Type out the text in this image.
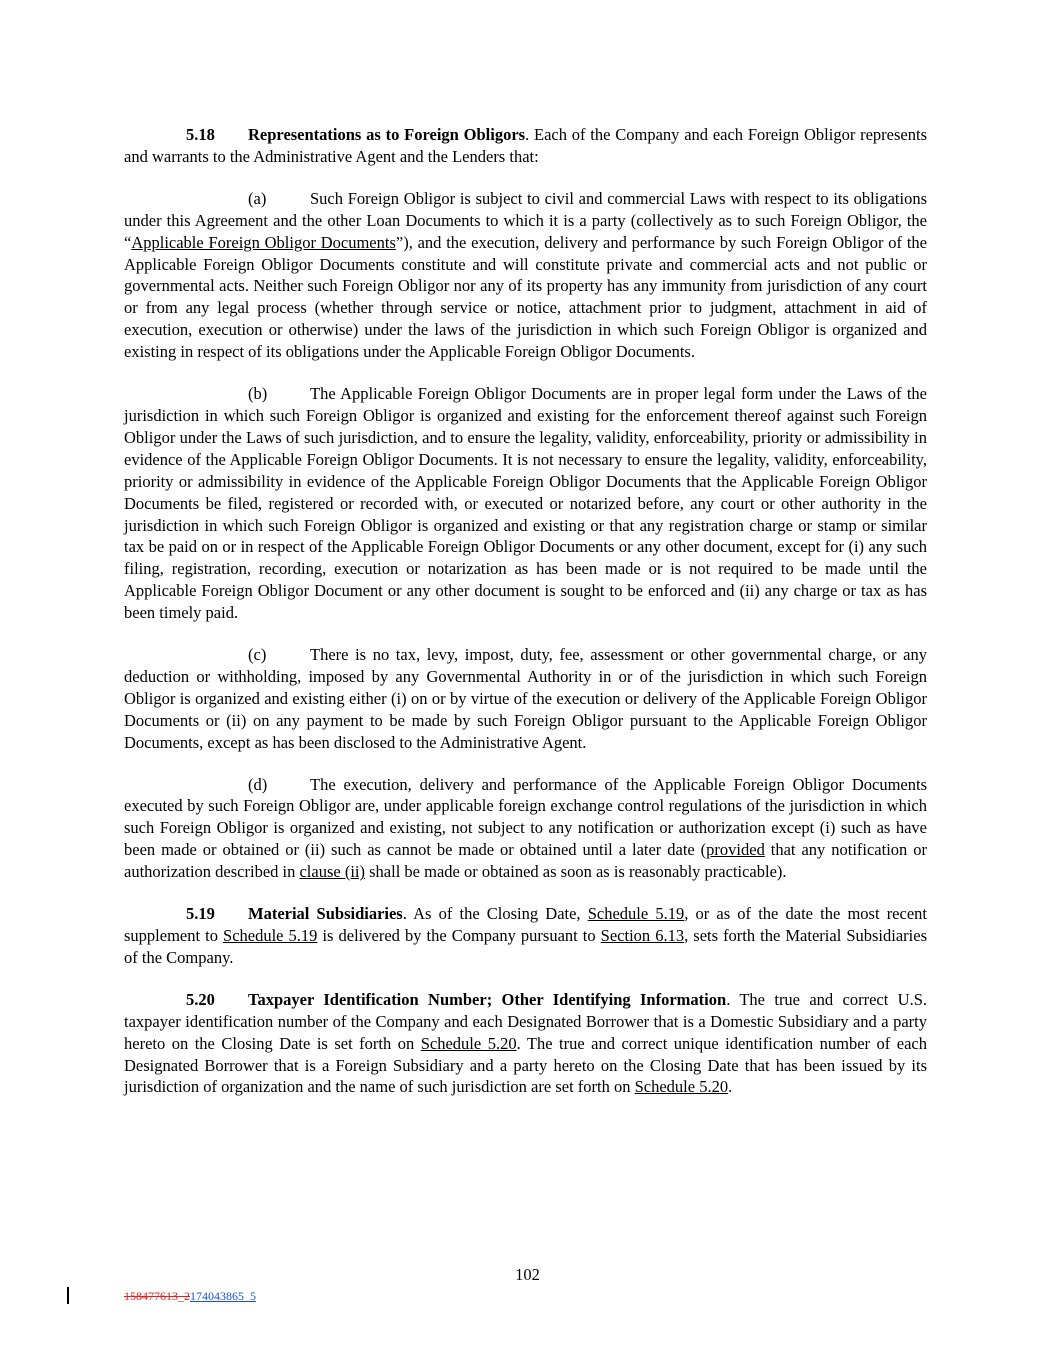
5.18 Representations as to Foreign Obligors. Each of the Company and each Foreign Obligor represents and warrants to the Administrative Agent and the Lenders that:

(a)	Such Foreign Obligor is subject to civil and commercial Laws with respect to its obligations under this Agreement and the other Loan Documents to which it is a party (collectively as to such Foreign Obligor, the “Applicable Foreign Obligor Documents”), and the execution, delivery and performance by such Foreign Obligor of the Applicable Foreign Obligor Documents constitute and will constitute private and commercial acts and not public or governmental acts. Neither such Foreign Obligor nor any of its property has any immunity from jurisdiction of any court or from any legal process (whether through service or notice, attachment prior to judgment, attachment in aid of execution, execution or otherwise) under the laws of the jurisdiction in which such Foreign Obligor is organized and existing in respect of its obligations under the Applicable Foreign Obligor Documents.

(b)	The Applicable Foreign Obligor Documents are in proper legal form under the Laws of the jurisdiction in which such Foreign Obligor is organized and existing for the enforcement thereof against such Foreign Obligor under the Laws of such jurisdiction, and to ensure the legality, validity, enforceability, priority or admissibility in evidence of the Applicable Foreign Obligor Documents. It is not necessary to ensure the legality, validity, enforceability, priority or admissibility in evidence of the Applicable Foreign Obligor Documents that the Applicable Foreign Obligor Documents be filed, registered or recorded with, or executed or notarized before, any court or other authority in the jurisdiction in which such Foreign Obligor is organized and existing or that any registration charge or stamp or similar tax be paid on or in respect of the Applicable Foreign Obligor Documents or any other document, except for (i) any such filing, registration, recording, execution or notarization as has been made or is not required to be made until the Applicable Foreign Obligor Document or any other document is sought to be enforced and (ii) any charge or tax as has been timely paid.

(c)	There is no tax, levy, impost, duty, fee, assessment or other governmental charge, or any deduction or withholding, imposed by any Governmental Authority in or of the jurisdiction in which such Foreign Obligor is organized and existing either (i) on or by virtue of the execution or delivery of the Applicable Foreign Obligor Documents or (ii) on any payment to be made by such Foreign Obligor pursuant to the Applicable Foreign Obligor Documents, except as has been disclosed to the Administrative Agent.

(d)	The execution, delivery and performance of the Applicable Foreign Obligor Documents executed by such Foreign Obligor are, under applicable foreign exchange control regulations of the jurisdiction in which such Foreign Obligor is organized and existing, not subject to any notification or authorization except (i) such as have been made or obtained or (ii) such as cannot be made or obtained until a later date (provided that any notification or authorization described in clause (ii) shall be made or obtained as soon as is reasonably practicable).

5.19 Material Subsidiaries. As of the Closing Date, Schedule 5.19, or as of the date the most recent supplement to Schedule 5.19 is delivered by the Company pursuant to Section 6.13, sets forth the Material Subsidiaries of the Company.

5.20 Taxpayer Identification Number; Other Identifying Information. The true and correct U.S. taxpayer identification number of the Company and each Designated Borrower that is a Domestic Subsidiary and a party hereto on the Closing Date is set forth on Schedule 5.20. The true and correct unique identification number of each Designated Borrower that is a Foreign Subsidiary and a party hereto on the Closing Date that has been issued by its jurisdiction of organization and the name of such jurisdiction are set forth on Schedule 5.20.

102
158477613_2174043865_5
